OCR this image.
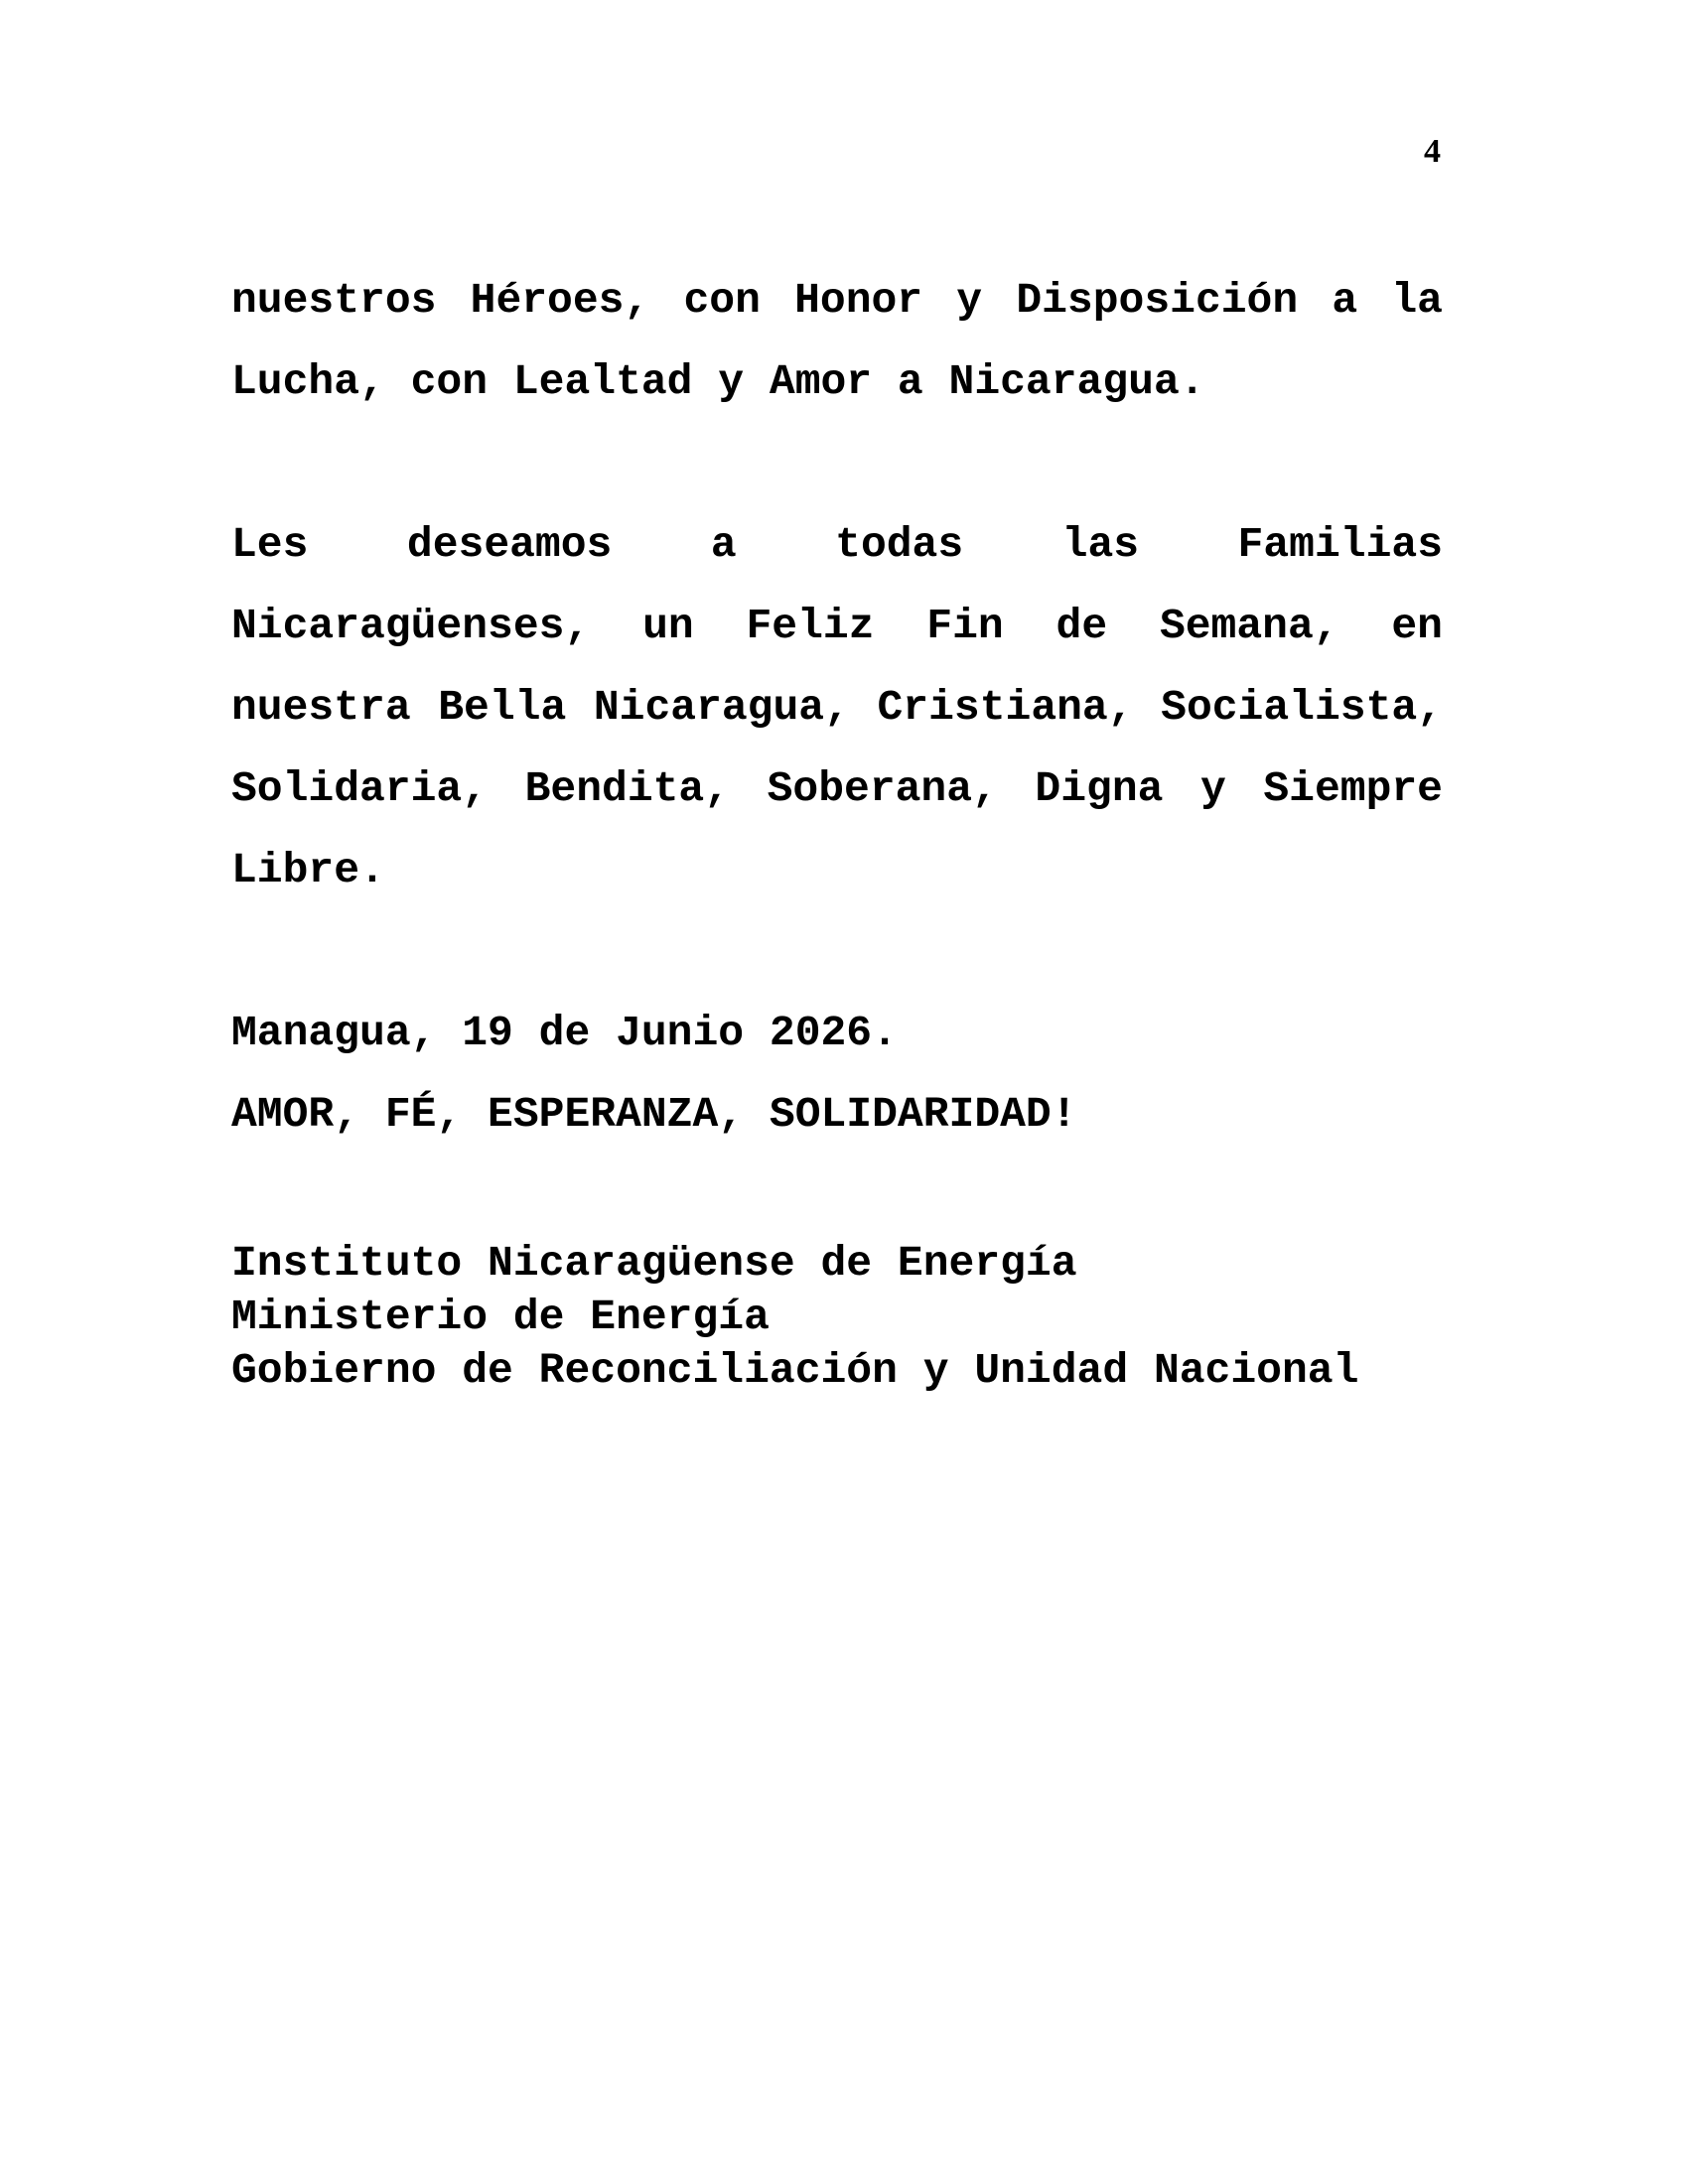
4

nuestros Héroes, con Honor y Disposición a la Lucha, con Lealtad y Amor a Nicaragua.

Les deseamos a todas las Familias Nicaragüenses, un Feliz Fin de Semana, en nuestra Bella Nicaragua, Cristiana, Socialista, Solidaria, Bendita, Soberana, Digna y Siempre Libre.

Managua, 19 de Junio 2026.
AMOR, FÉ, ESPERANZA, SOLIDARIDAD!
Instituto Nicaragüense de Energía
Ministerio de Energía
Gobierno de Reconciliación y Unidad Nacional
